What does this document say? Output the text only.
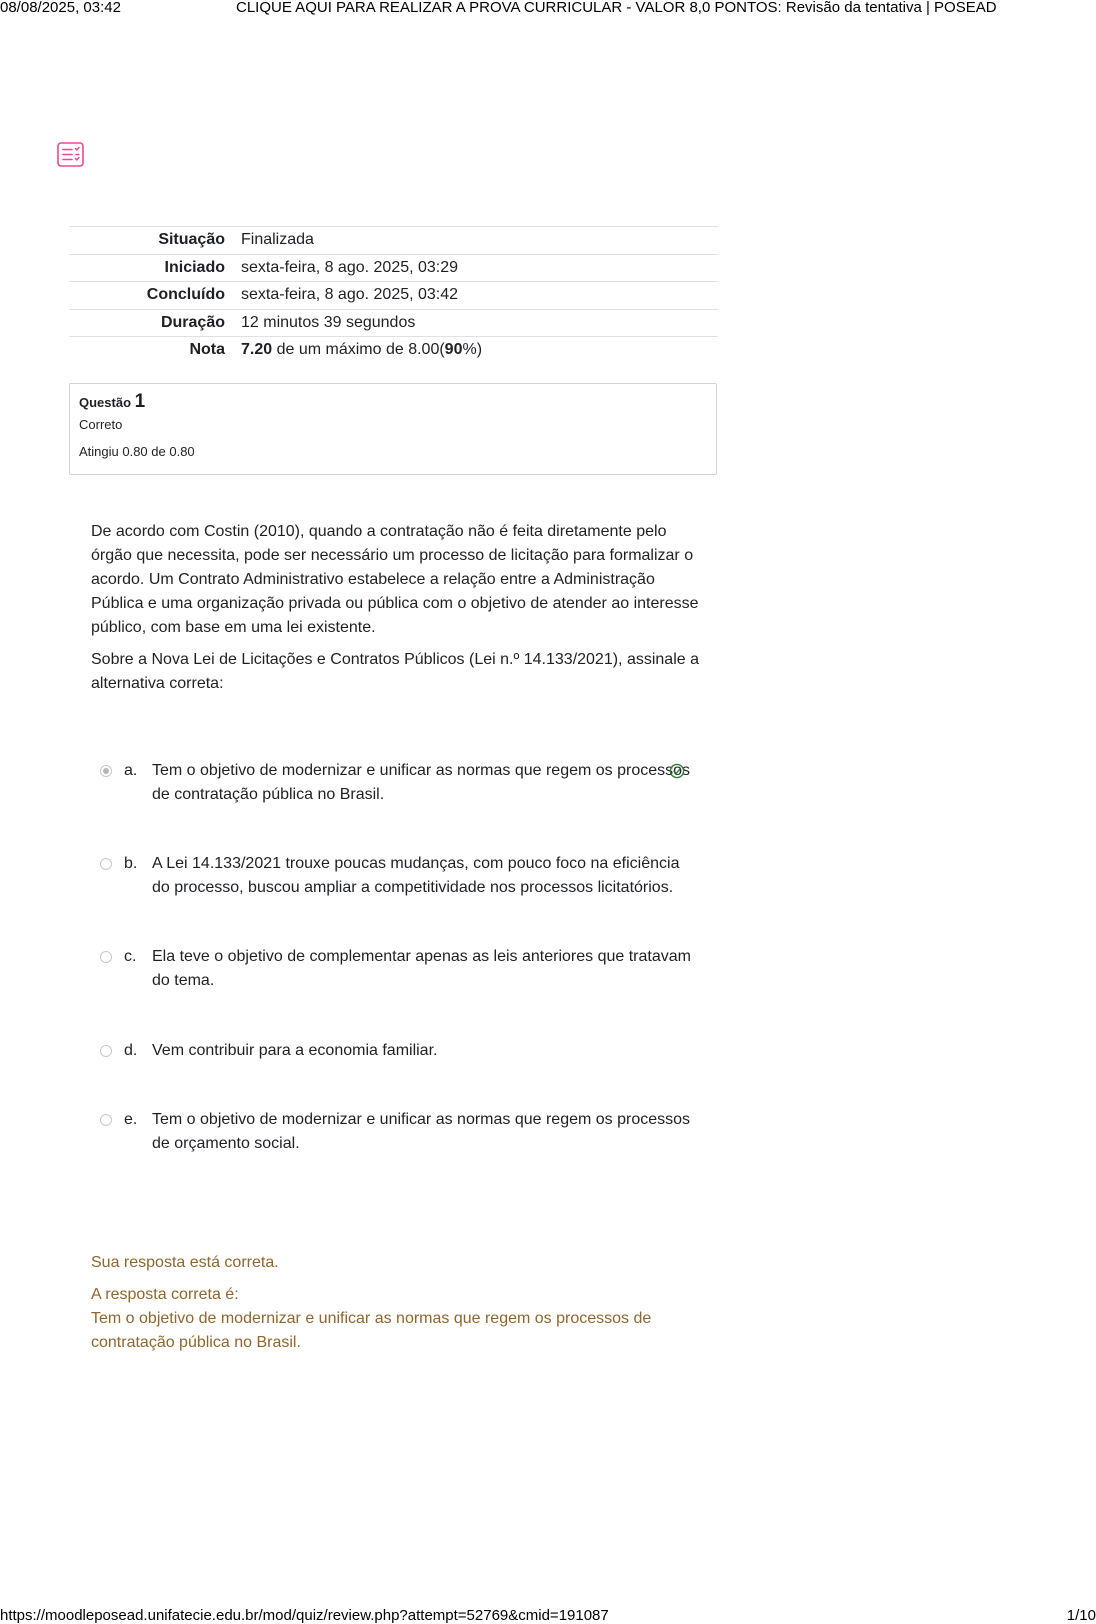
08/08/2025, 03:42	CLIQUE AQUI PARA REALIZAR A PROVA CURRICULAR - VALOR 8,0 PONTOS: Revisão da tentativa | POSEAD
Situação	Finalizada
Iniciado	sexta-feira, 8 ago. 2025, 03:29
Concluído	sexta-feira, 8 ago. 2025, 03:42
Duração	12 minutos 39 segundos
Nota	7.20 de um máximo de 8.00(90%)
Questão 1
Correto
Atingiu 0.80 de 0.80

De acordo com Costin (2010), quando a contratação não é feita diretamente pelo órgão que necessita, pode ser necessário um processo de licitação para formalizar o acordo. Um Contrato Administrativo estabelece a relação entre a Administração Pública e uma organização privada ou pública com o objetivo de atender ao interesse público, com base em uma lei existente.

Sobre a Nova Lei de Licitações e Contratos Públicos (Lei n.º 14.133/2021), assinale a alternativa correta:

a. Tem o objetivo de modernizar e unificar as normas que regem os processos de contratação pública no Brasil.
b. A Lei 14.133/2021 trouxe poucas mudanças, com pouco foco na eficiência do processo, buscou ampliar a competitividade nos processos licitatórios.
c. Ela teve o objetivo de complementar apenas as leis anteriores que tratavam do tema.
d. Vem contribuir para a economia familiar.
e. Tem o objetivo de modernizar e unificar as normas que regem os processos de orçamento social.
Sua resposta está correta.
A resposta correta é:
Tem o objetivo de modernizar e unificar as normas que regem os processos de contratação pública no Brasil.
https://moodleposead.unifatecie.edu.br/mod/quiz/review.php?attempt=52769&cmid=191087	1/10
